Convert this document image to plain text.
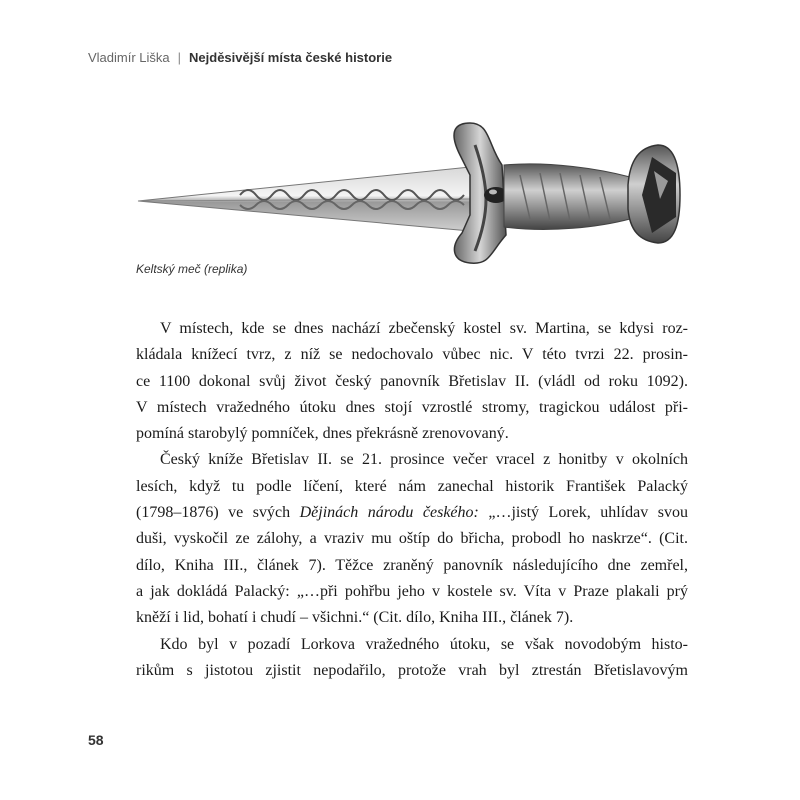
Vladimír Liška | Nejděsivější místa české historie
Keltský meč (replika)
V místech, kde se dnes nachází zbečenský kostel sv. Martina, se kdysi roz-
kládala knížecí tvrz, z níž se nedochovalo vůbec nic. V této tvrzi 22. prosin-
ce 1100 dokonal svůj život český panovník Břetislav II. (vládl od roku 1092).
V místech vražedného útoku dnes stojí vzrostlé stromy, tragickou událost při-
pomíná starobylý pomníček, dnes překrásně zrenovovaný.
Český kníže Břetislav II. se 21. prosince večer vracel z honitby v okolních
lesích, když tu podle líčení, které nám zanechal historik František Palacký
(1798–1876) ve svých Dějinách národu českého: „…jistý Lorek, uhlídav svou
duši, vyskočil ze zálohy, a vraziv mu oštíp do břicha, probodl ho naskrze“. (Cit.
dílo, Kniha III., článek 7). Těžce zraněný panovník následujícího dne zemřel,
a jak dokládá Palacký: „…při pohřbu jeho v kostele sv. Víta v Praze plakali prý
kněží i lid, bohatí i chudí – všichni.“ (Cit. dílo, Kniha III., článek 7).
Kdo byl v pozadí Lorkova vražedného útoku, se však novodobým histo-
rikům s jistotou zjistit nepodařilo, protože vrah byl ztrestán Břetislavovým
58
